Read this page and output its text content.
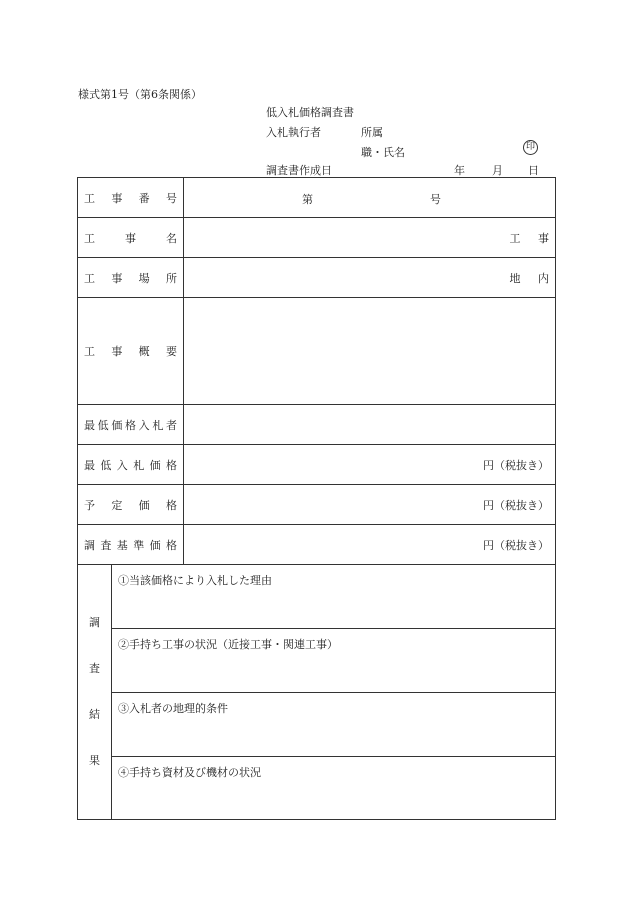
様式第1号（第6条関係）
低入札価格調査書
入札執行者	所属
職・氏名	印
調査書作成日	年 月 日
工事番号		第 号

工事名		工 事
工事場所		地 内
工事概要		
最低価格入札者		
最低入札価格		円（税抜き）
予定価格		円（税抜き）
調査基準価格		円（税抜き）

調
査
結
果	①当該価格により入札した理由	
	②手持ち工事の状況（近接工事・関連工事）	
	③入札者の地理的条件	
	④手持ち資材及び機材の状況	
